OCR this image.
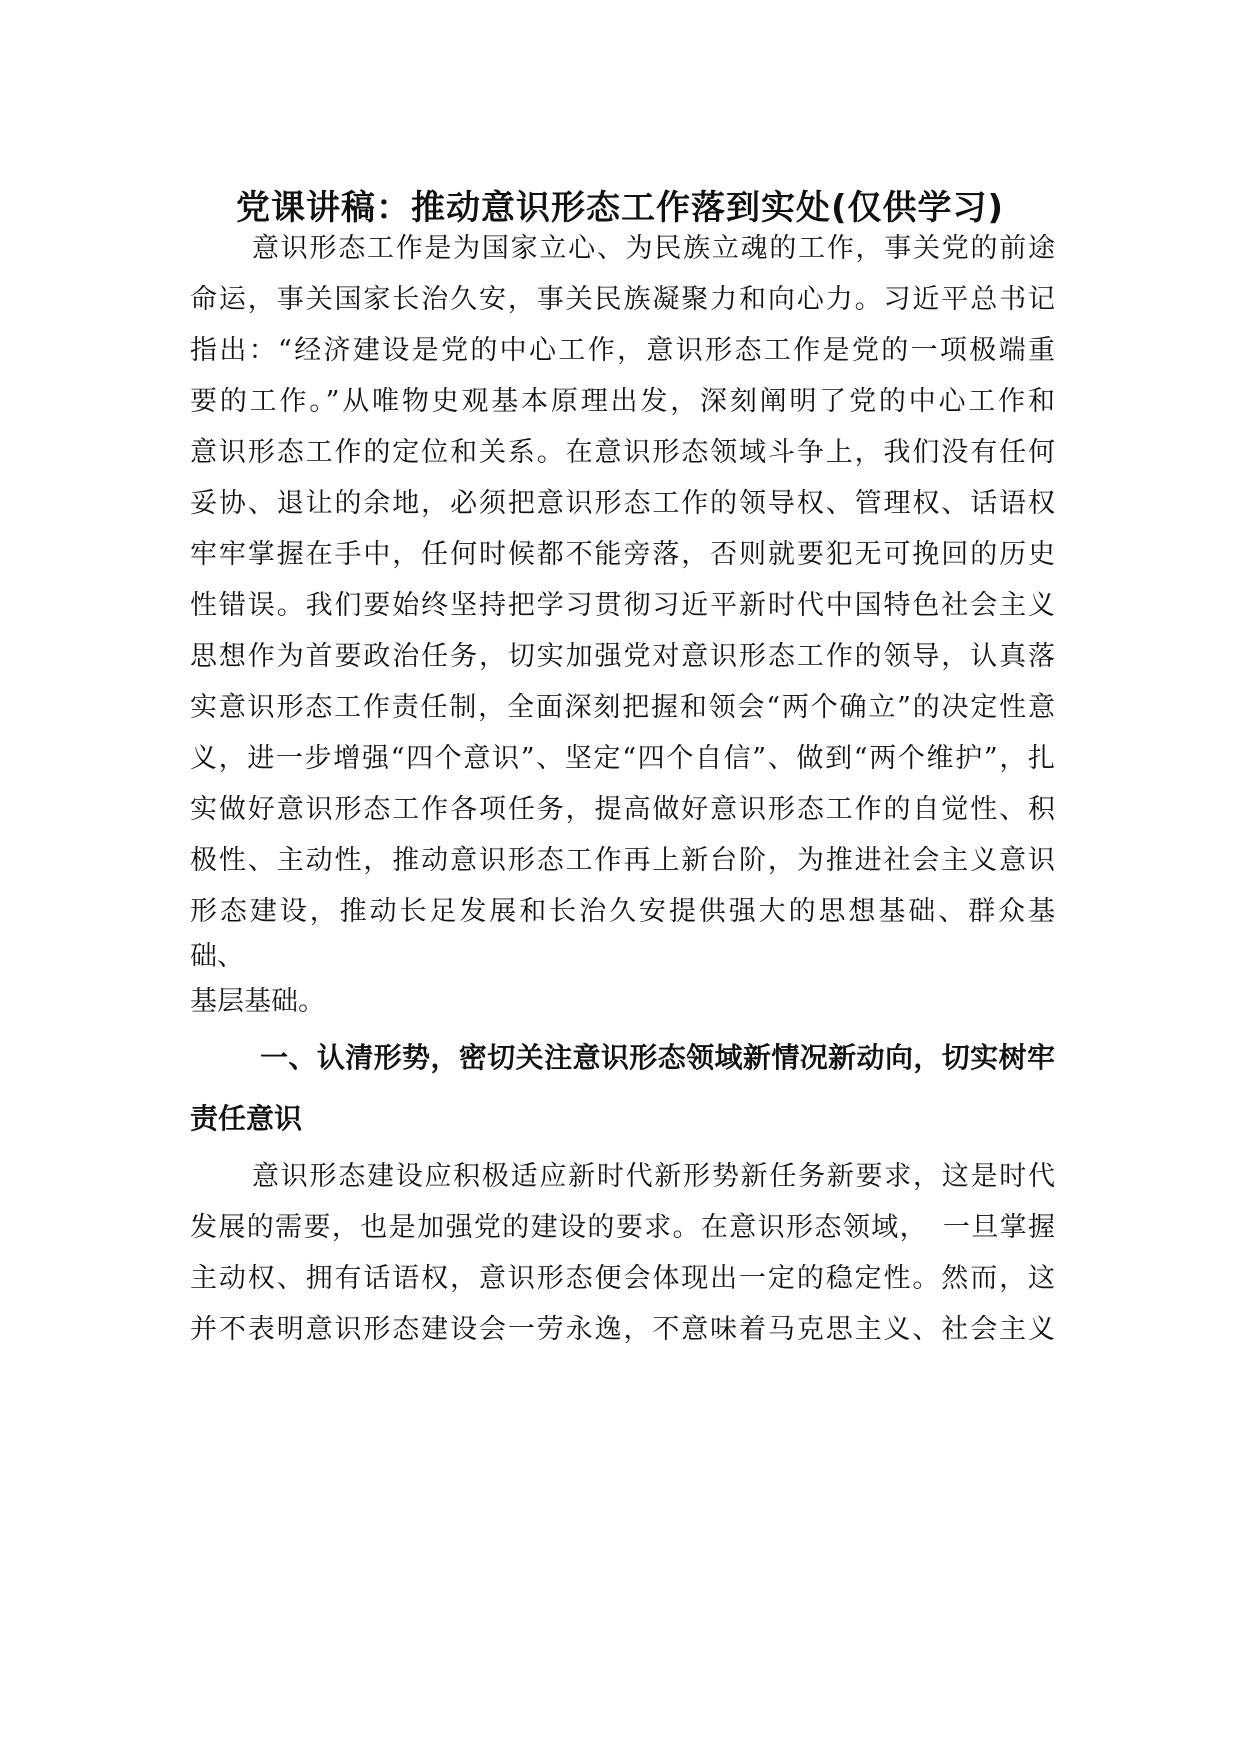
党课讲稿：推动意识形态工作落到实处(仅供学习)
意识形态工作是为国家立心、为民族立魂的工作，事关党的前途
命运，事关国家长治久安，事关民族凝聚力和向心力。习近平总书记
指出：“经济建设是党的中心工作，意识形态工作是党的一项极端重
要的工作。”从唯物史观基本原理出发，深刻阐明了党的中心工作和
意识形态工作的定位和关系。在意识形态领域斗争上，我们没有任何
妥协、退让的余地，必须把意识形态工作的领导权、管理权、话语权
牢牢掌握在手中，任何时候都不能旁落，否则就要犯无可挽回的历史
性错误。我们要始终坚持把学习贯彻习近平新时代中国特色社会主义
思想作为首要政治任务，切实加强党对意识形态工作的领导，认真落
实意识形态工作责任制，全面深刻把握和领会“两个确立”的决定性意
义，进一步增强“四个意识”、坚定“四个自信”、做到“两个维护”，扎
实做好意识形态工作各项任务，提高做好意识形态工作的自觉性、积
极性、主动性，推动意识形态工作再上新台阶，为推进社会主义意识
形态建设，推动长足发展和长治久安提供强大的思想基础、群众基
础、
基层基础。
一、认清形势，密切关注意识形态领域新情况新动向，切实树牢
责任意识
意识形态建设应积极适应新时代新形势新任务新要求，这是时代
发展的需要，也是加强党的建设的要求。在意识形态领域，　一旦掌握
主动权、拥有话语权，意识形态便会体现出一定的稳定性。然而，这
并不表明意识形态建设会一劳永逸，不意味着马克思主义、社会主义
